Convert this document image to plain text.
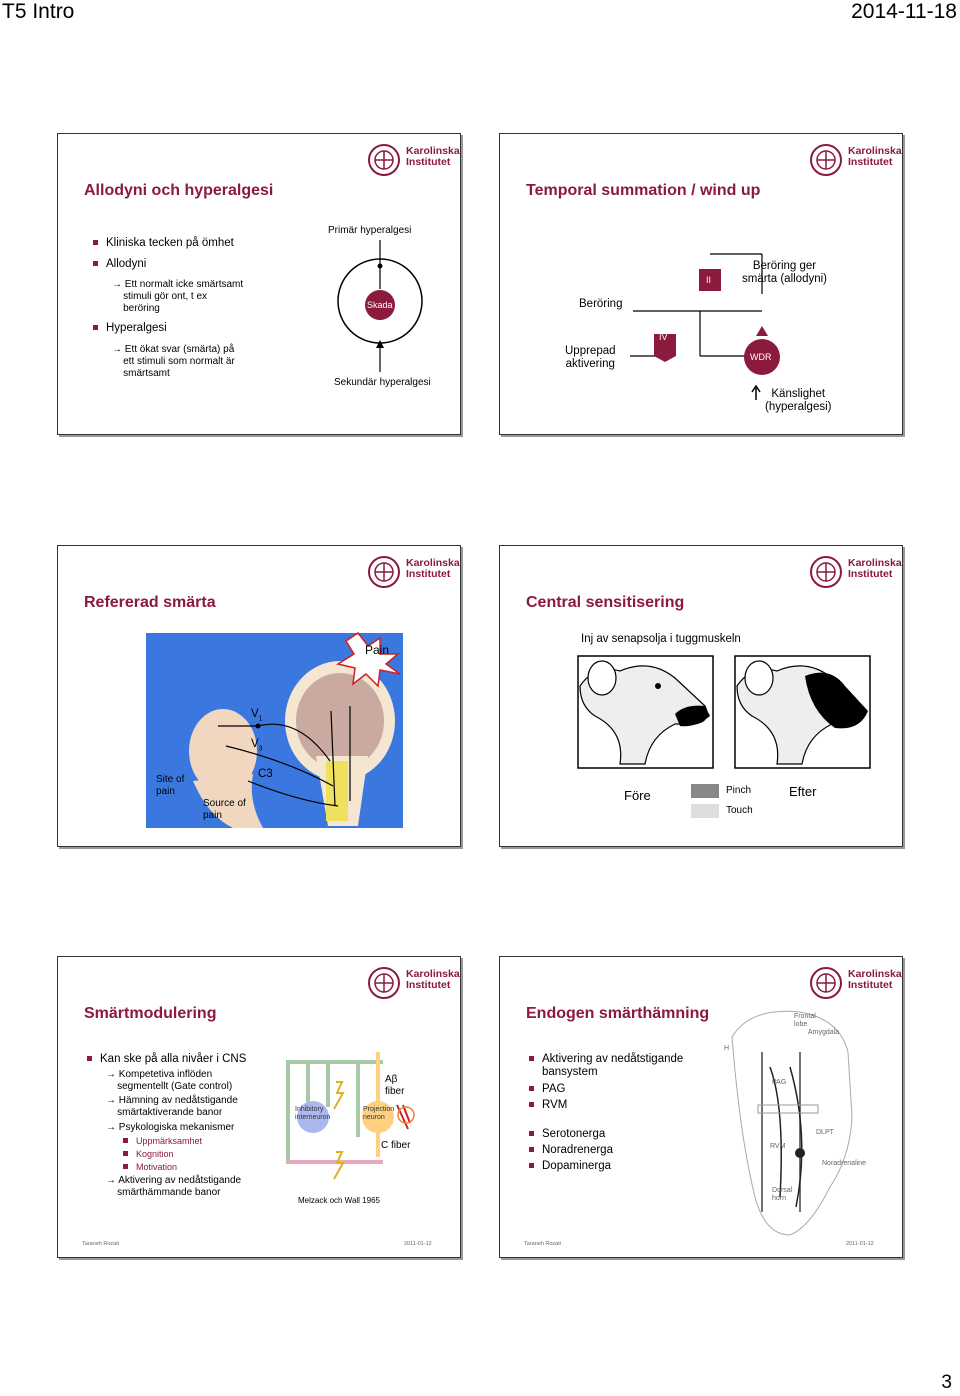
T5 Intro	2014-11-18
Karolinska
Institutet
Allodyni och hyperalgesi
Kliniska tecken på ömhet
Allodyni
→ Ett normalt icke smärtsamt
stimuli gör ont, t ex
beröring
Hyperalgesi
→ Ett ökat svar (smärta) på
ett stimuli som normalt är
smärtsamt
Primär hyperalgesi
Skada
Sekundär hyperalgesi
Karolinska
Institutet
Temporal summation / wind up
II
IV
WDR
Beröring
Upprepad
aktivering
Beröring ger
smärta (allodyni)
Känslighet
(hyperalgesi)
Karolinska
Institutet
Refererad smärta
Pain
$V_1$
$V_3$
C3
Site of
pain
Source of
pain
Karolinska
Institutet
Central sensitisering
Inj av senapsolja i tuggmuskeln
Före	Pinch
Touch
Efter
Karolinska
Institutet
Smärtmodulering
Kan ske på alla nivåer i CNS
→ Kompetetiva inflöden
segmentellt (Gate control)
→ Hämning av nedåtstigande
smärtaktiverande banor
→ Psykologiska mekanismer
Uppmärksamhet
Kognition
Motivation
→ Aktivering av nedåtstigande
smärthämmande banor
Inhibitory
interneuron
Projection
neuron
Aβ
fiber
C fiber
Melzack och Wall 1965
Taraneh Rozati	2011-01-12
Karolinska
Institutet
Endogen smärthämning
Aktivering av nedåtstigande
bansystem
PAG
RVM
Serotonerga
Noradrenerga
Dopaminerga
Frontal
lobe
Amygdala
H
PAG
DLPT
RVM
Noradrenaline
Dorsal
horn
Taraneh Rozati	2011-01-12
3
